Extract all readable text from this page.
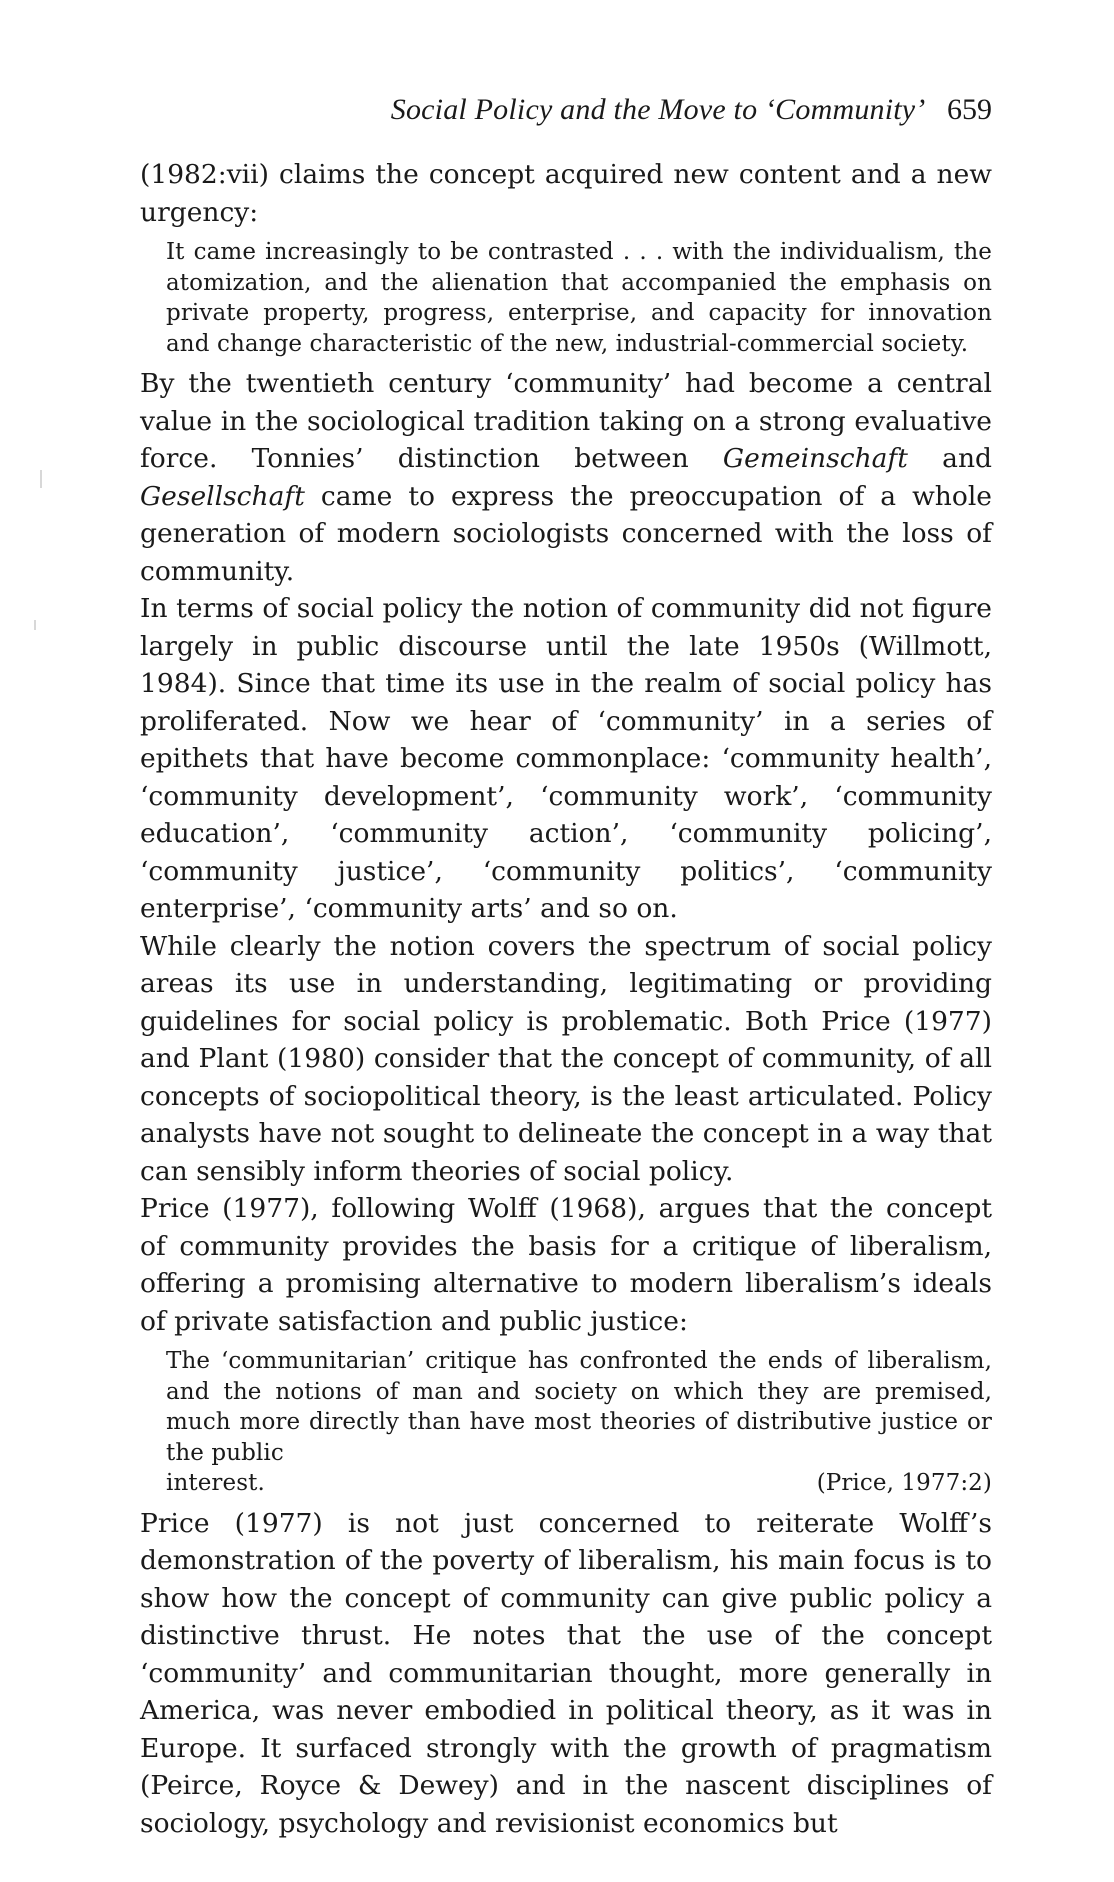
Social Policy and the Move to ‘Community’ 659

(1982:vii) claims the concept acquired new content and a new urgency:

It came increasingly to be contrasted . . . with the individualism, the atomization, and the alienation that accompanied the emphasis on private property, progress, enterprise, and capacity for innovation and change characteristic of the new, industrial-commercial society.

By the twentieth century ‘community’ had become a central value in the sociological tradition taking on a strong evaluative force. Tonnies’ distinction between Gemeinschaft and Gesellschaft came to express the preoccupation of a whole generation of modern sociologists concerned with the loss of community.

In terms of social policy the notion of community did not figure largely in public discourse until the late 1950s (Willmott, 1984). Since that time its use in the realm of social policy has proliferated. Now we hear of ‘community’ in a series of epithets that have become commonplace: ‘community health’, ‘community development’, ‘community work’, ‘community education’, ‘community action’, ‘community policing’, ‘community justice’, ‘community politics’, ‘community enterprise’, ‘community arts’ and so on.

While clearly the notion covers the spectrum of social policy areas its use in understanding, legitimating or providing guidelines for social policy is problematic. Both Price (1977) and Plant (1980) consider that the concept of community, of all concepts of sociopolitical theory, is the least articulated. Policy analysts have not sought to delineate the concept in a way that can sensibly inform theories of social policy.

Price (1977), following Wolff (1968), argues that the concept of community provides the basis for a critique of liberalism, offering a promising alternative to modern liberalism’s ideals of private satisfaction and public justice:

The ‘communitarian’ critique has confronted the ends of liberalism, and the notions of man and society on which they are premised, much more directly than have most theories of distributive justice or the public
interest.	(Price, 1977:2)

Price (1977) is not just concerned to reiterate Wolff’s demonstration of the poverty of liberalism, his main focus is to show how the concept of community can give public policy a distinctive thrust. He notes that the use of the concept ‘community’ and communitarian thought, more generally in America, was never embodied in political theory, as it was in Europe. It surfaced strongly with the growth of pragmatism (Peirce, Royce & Dewey) and in the nascent disciplines of sociology, psychology and revisionist economics but
